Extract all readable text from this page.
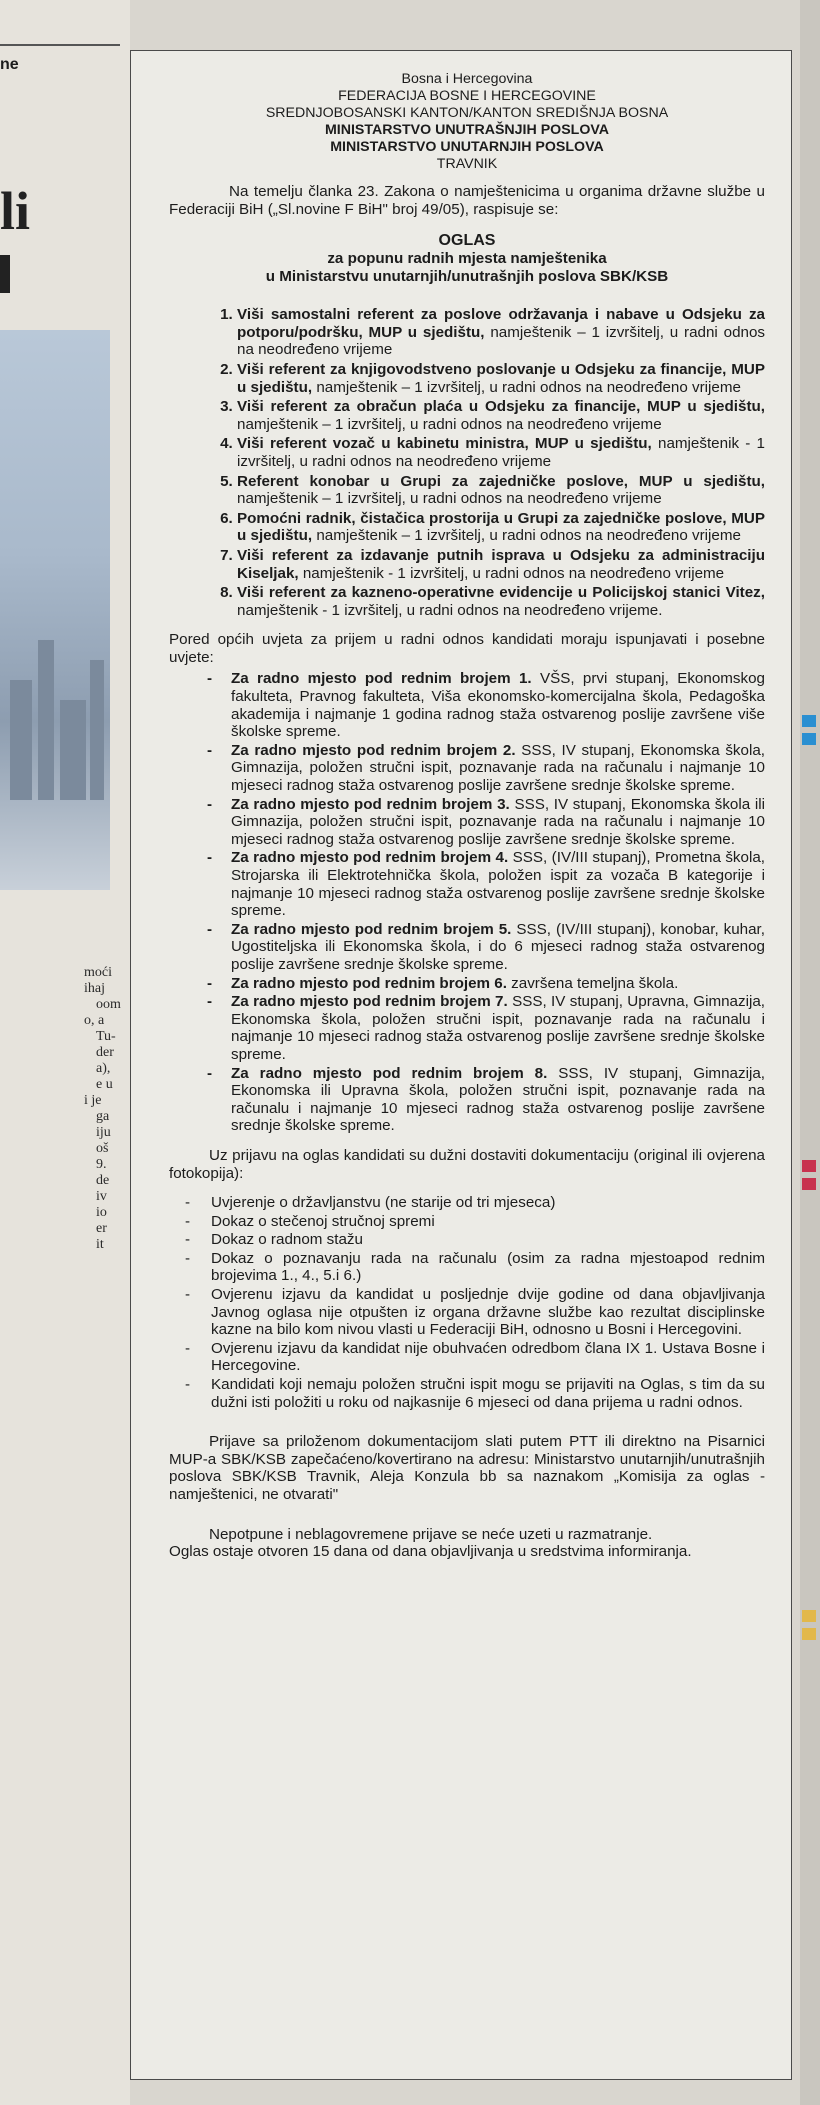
ne
li
moći
ihaj
oom
o, a
Tu-
der
a),
e u
i je
ga
iju
oš
9.
de
iv
io
er
it
Bosna i Hercegovina
FEDERACIJA BOSNE I HERCEGOVINE
SREDNJOBOSANSKI KANTON/KANTON SREDIŠNJA BOSNA
MINISTARSTVO UNUTRAŠNJIH POSLOVA
MINISTARSTVO UNUTARNJIH POSLOVA
TRAVNIK
Na temelju članka 23. Zakona o namještenicima u organima državne službe u Federaciji BiH („Sl.novine F BiH" broj 49/05), raspisuje se:
OGLAS
za popunu radnih mjesta namještenika
u Ministarstvu unutarnjih/unutrašnjih poslova SBK/KSB
1. Viši samostalni referent za poslove održavanja i nabave u Odsjeku za potporu/podršku, MUP u sjedištu, namještenik – 1 izvršitelj, u radni odnos na neodređeno vrijeme
2. Viši referent za knjigovodstveno poslovanje u Odsjeku za financije, MUP u sjedištu, namještenik – 1 izvršitelj, u radni odnos na neodređeno vrijeme
3. Viši referent za obračun plaća u Odsjeku za financije, MUP u sjedištu, namještenik – 1 izvršitelj, u radni odnos na neodređeno vrijeme
4. Viši referent vozač u kabinetu ministra, MUP u sjedištu, namještenik - 1 izvršitelj, u radni odnos na neodređeno vrijeme
5. Referent konobar u Grupi za zajedničke poslove, MUP u sjedištu, namještenik – 1 izvršitelj, u radni odnos na neodređeno vrijeme
6. Pomoćni radnik, čistačica prostorija u Grupi za zajedničke poslove, MUP u sjedištu, namještenik – 1 izvršitelj, u radni odnos na neodređeno vrijeme
7. Viši referent za izdavanje putnih isprava u Odsjeku za administraciju Kiseljak, namještenik - 1 izvršitelj, u radni odnos na neodređeno vrijeme
8. Viši referent za kazneno-operativne evidencije u Policijskoj stanici Vitez, namještenik - 1 izvršitelj, u radni odnos na neodređeno vrijeme.
Pored općih uvjeta za prijem u radni odnos kandidati moraju ispunjavati i posebne uvjete:
- Za radno mjesto pod rednim brojem 1. VŠS, prvi stupanj, Ekonomskog fakulteta, Pravnog fakulteta, Viša ekonomsko-komercijalna škola, Pedagoška akademija i najmanje 1 godina radnog staža ostvarenog poslije završene više školske spreme.
- Za radno mjesto pod rednim brojem 2. SSS, IV stupanj, Ekonomska škola, Gimnazija, položen stručni ispit, poznavanje rada na računalu i najmanje 10 mjeseci radnog staža ostvarenog poslije završene srednje školske spreme.
- Za radno mjesto pod rednim brojem 3. SSS, IV stupanj, Ekonomska škola ili Gimnazija, položen stručni ispit, poznavanje rada na računalu i najmanje 10 mjeseci radnog staža ostvarenog poslije završene srednje školske spreme.
- Za radno mjesto pod rednim brojem 4. SSS, (IV/III stupanj), Prometna škola, Strojarska ili Elektrotehnička škola, položen ispit za vozača B kategorije i najmanje 10 mjeseci radnog staža ostvarenog poslije završene srednje školske spreme.
- Za radno mjesto pod rednim brojem 5. SSS, (IV/III stupanj), konobar, kuhar, Ugostiteljska ili Ekonomska škola, i do 6 mjeseci radnog staža ostvarenog poslije završene srednje školske spreme.
- Za radno mjesto pod rednim brojem 6. završena temeljna škola.
- Za radno mjesto pod rednim brojem 7. SSS, IV stupanj, Upravna, Gimnazija, Ekonomska škola, položen stručni ispit, poznavanje rada na računalu i najmanje 10 mjeseci radnog staža ostvarenog poslije završene srednje školske spreme.
- Za radno mjesto pod rednim brojem 8. SSS, IV stupanj, Gimnazija, Ekonomska ili Upravna škola, položen stručni ispit, poznavanje rada na računalu i najmanje 10 mjeseci radnog staža ostvarenog poslije završene srednje školske spreme.
Uz prijavu na oglas kandidati su dužni dostaviti dokumentaciju (original ili ovjerena fotokopija):
- Uvjerenje o državljanstvu (ne starije od tri mjeseca)
- Dokaz o stečenoj stručnoj spremi
- Dokaz o radnom stažu
- Dokaz o poznavanju rada na računalu (osim za radna mjestoapod rednim brojevima 1., 4., 5.i 6.)
- Ovjerenu izjavu da kandidat u posljednje dvije godine od dana objavljivanja Javnog oglasa nije otpušten iz organa državne službe kao rezultat disciplinske kazne na bilo kom nivou vlasti u Federaciji BiH, odnosno u Bosni i Hercegovini.
- Ovjerenu izjavu da kandidat nije obuhvaćen odredbom člana IX 1. Ustava Bosne i Hercegovine.
- Kandidati koji nemaju položen stručni ispit mogu se prijaviti na Oglas, s tim da su dužni isti položiti u roku od najkasnije 6 mjeseci od dana prijema u radni odnos.
Prijave sa priloženom dokumentacijom slati putem PTT ili direktno na Pisarnici MUP-a SBK/KSB zapečaćeno/kovertirano na adresu: Ministarstvo unutarnjih/unutrašnjih poslova SBK/KSB Travnik, Aleja Konzula bb sa naznakom „Komisija za oglas - namještenici, ne otvarati"
Nepotpune i neblagovremene prijave se neće uzeti u razmatranje.
Oglas ostaje otvoren 15 dana od dana objavljivanja u sredstvima informiranja.
